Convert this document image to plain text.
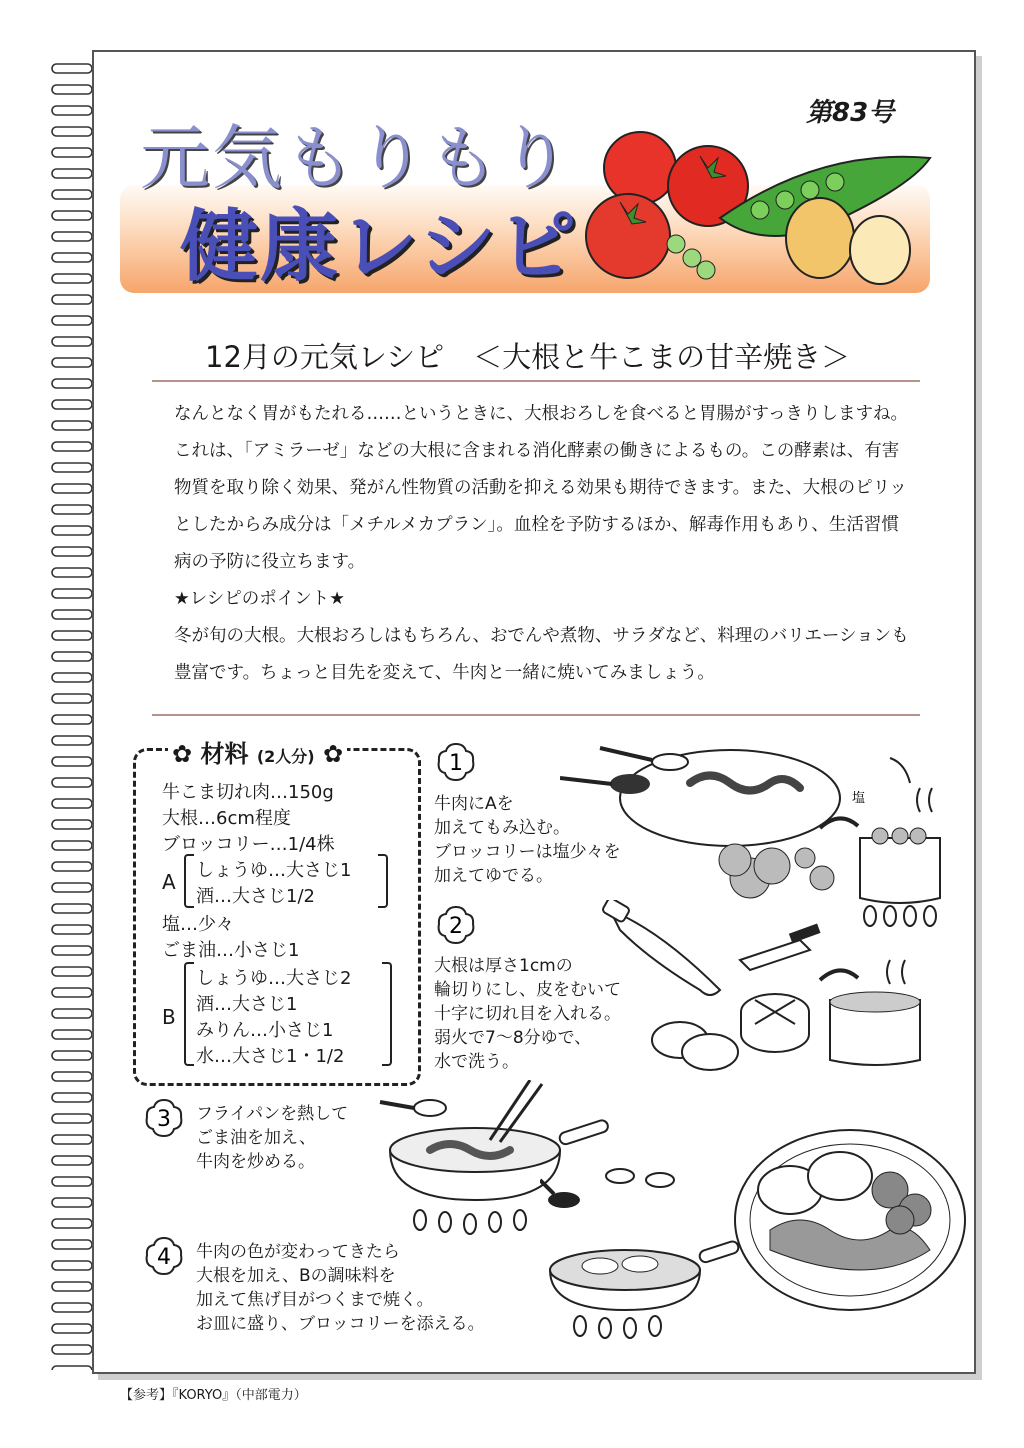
元気もりもり
健康レシピ
第83号
12月の元気レシピ　＜大根と牛こまの甘辛焼き＞

なんとなく胃がもたれる……というときに、大根おろしを食べると胃腸がすっきりしますね。これは、「アミラーゼ」などの大根に含まれる消化酵素の働きによるもの。この酵素は、有害物質を取り除く効果、発がん性物質の活動を抑える効果も期待できます。また、大根のピリッとしたからみ成分は「メチルメカプラン」。血栓を予防するほか、解毒作用もあり、生活習慣病の予防に役立ちます。

★レシピのポイント★

冬が旬の大根。大根おろしはもちろん、おでんや煮物、サラダなど、料理のバリエーションも豊富です。ちょっと目先を変えて、牛肉と一緒に焼いてみましょう。

✿ 材料 (2人分) ✿
牛こま切れ肉…150g
大根…6cm程度
ブロッコリー…1/4株
A しょうゆ…大さじ1
酒…大さじ1/2
塩…少々
ごま油…小さじ1
B
しょうゆ…大さじ2
酒…大さじ1
みりん…小さじ1
水…大さじ1・1/2
1
2
3
4
牛肉にAを
加えてもみ込む。
ブロッコリーは塩少々を
加えてゆでる。
大根は厚さ1cmの
輪切りにし、皮をむいて
十字に切れ目を入れる。
弱火で7〜8分ゆで、
水で洗う。
フライパンを熱して
ごま油を加え、
牛肉を炒める。
牛肉の色が変わってきたら
大根を加え、Bの調味料を
加えて焦げ目がつくまで焼く。
お皿に盛り、ブロッコリーを添える。
塩
【参考】『KORYO』（中部電力）
